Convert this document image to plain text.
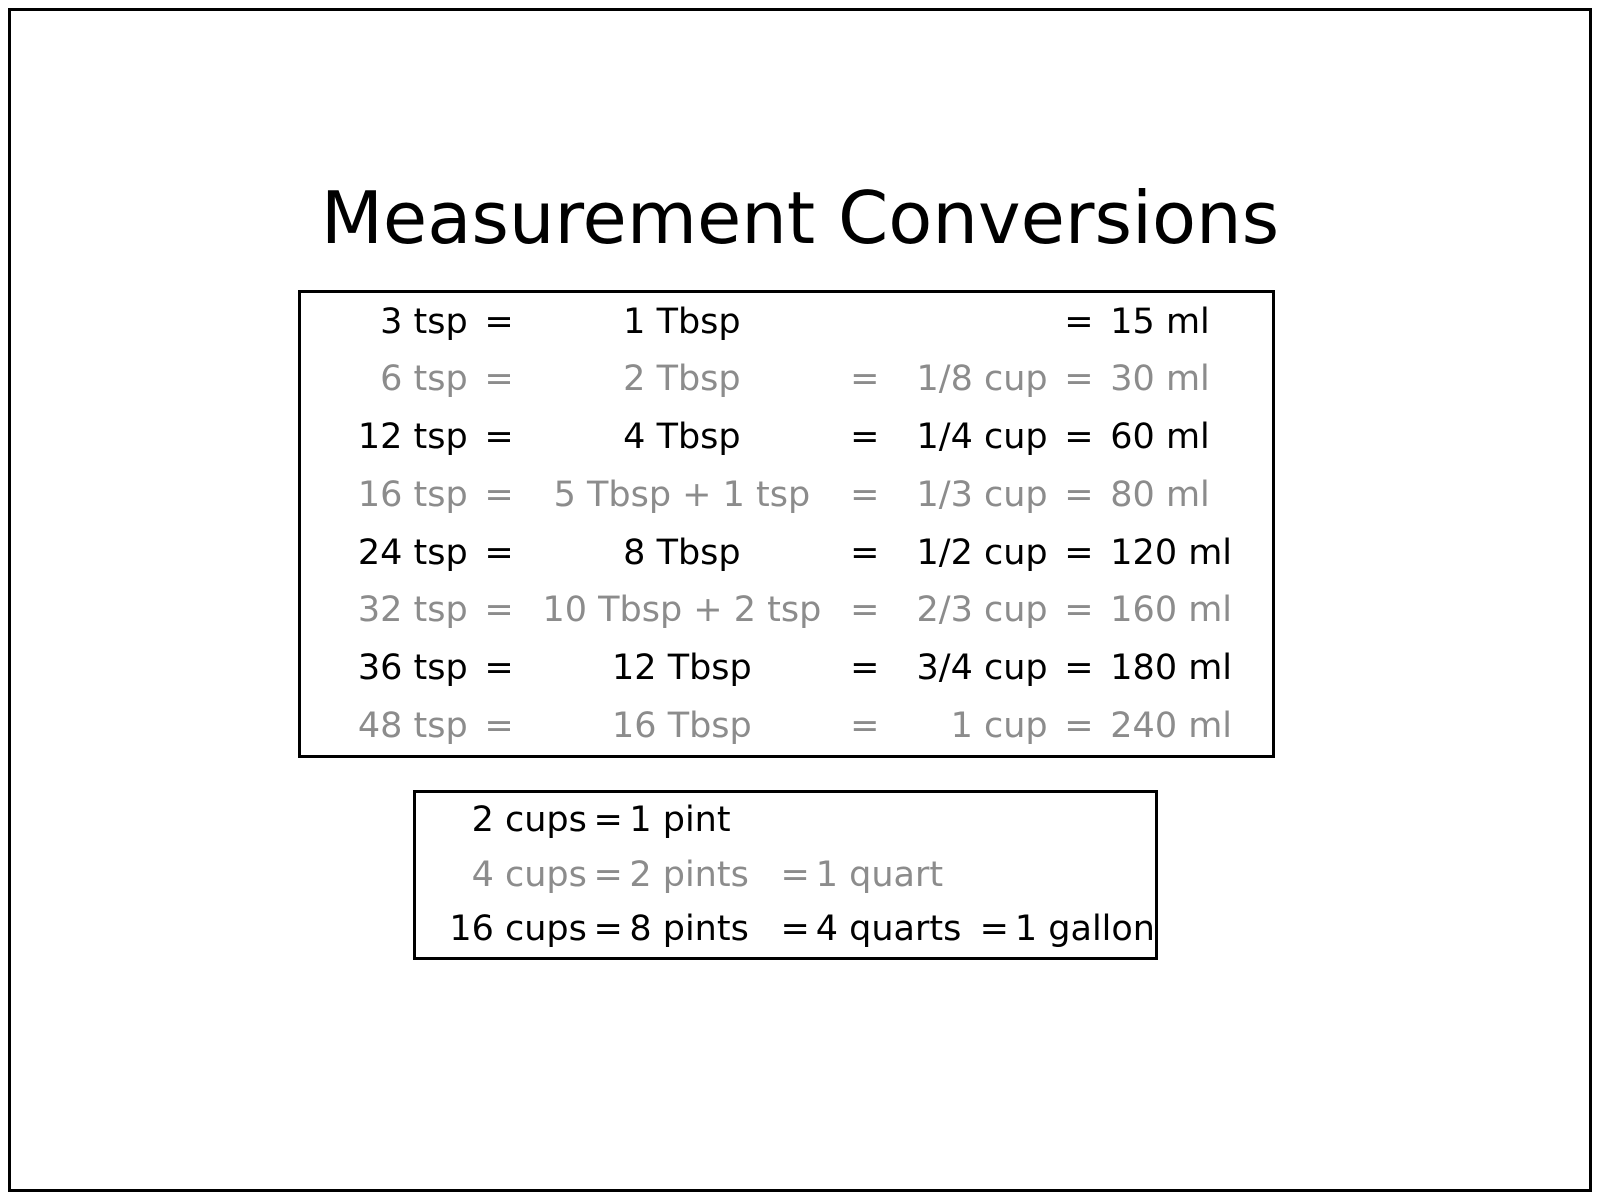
Measurement Conversions
3 tsp	=	1 Tbsp			=	15 ml
6 tsp	=	2 Tbsp	=	1/8 cup	=	30 ml
12 tsp	=	4 Tbsp	=	1/4 cup	=	60 ml
16 tsp	=	5 Tbsp + 1 tsp	=	1/3 cup	=	80 ml
24 tsp	=	8 Tbsp	=	1/2 cup	=	120 ml
32 tsp	=	10 Tbsp + 2 tsp	=	2/3 cup	=	160 ml
36 tsp	=	12 Tbsp	=	3/4 cup	=	180 ml
48 tsp	=	16 Tbsp	=	1 cup	=	240 ml
2 cups	=	1 pint				
4 cups	=	2 pints	=	1 quart		
16 cups	=	8 pints	=	4 quarts	=	1 gallon
